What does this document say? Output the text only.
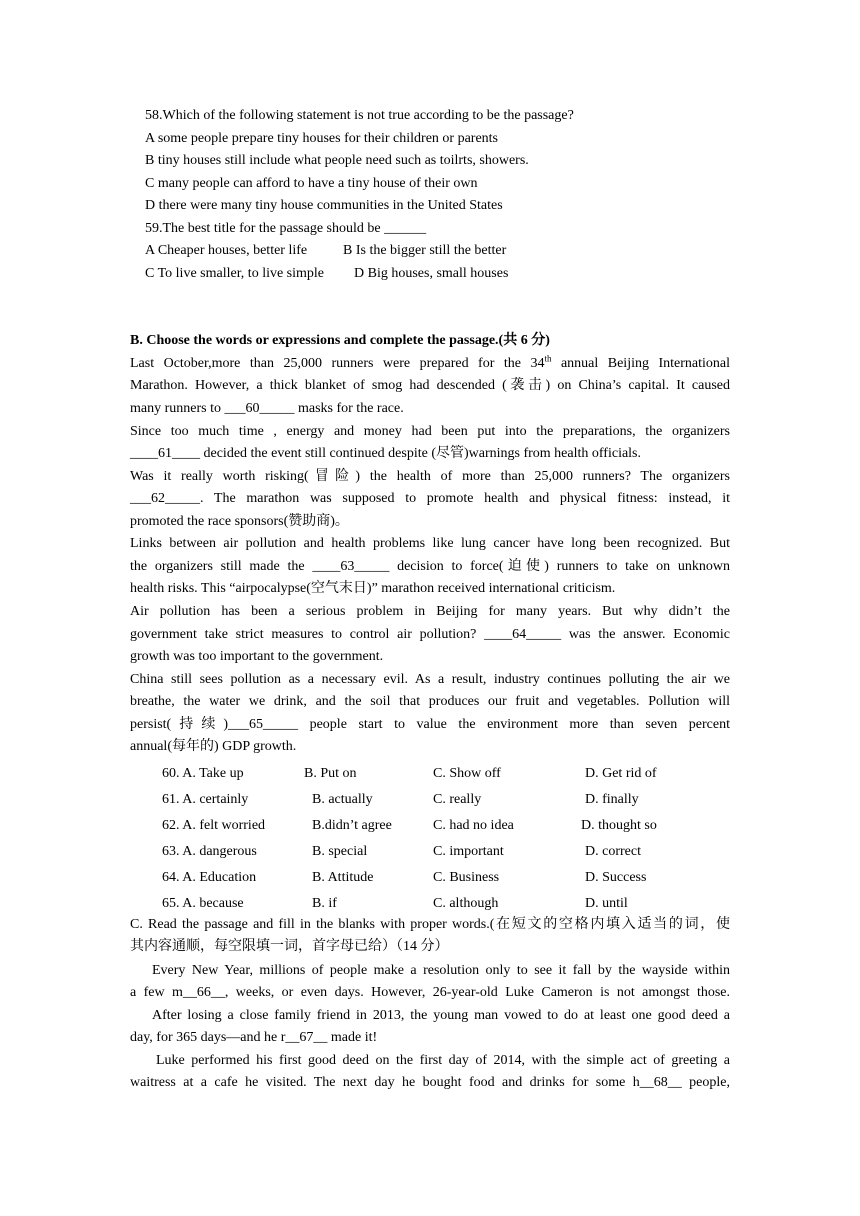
58.Which of the following statement is not true according to be the passage?
A some people prepare tiny houses for their children or parents
B tiny houses still include what people need such as toilrts, showers.
C many people can afford to have a tiny house of their own
D there were many tiny house communities in the United States
59.The best title for the passage should be ______
A Cheaper houses, better life	B Is the bigger still the better
C To live smaller, to live simple D Big houses, small houses
B. Choose the words or expressions and complete the passage.(共 6 分)
Last October,more than 25,000 runners were prepared for the 34th annual Beijing International
Marathon. However, a thick blanket of smog had descended (袭击) on China’s capital. It caused
many runners to ___60_____ masks for the race.
Since too much time , energy and money had been put into the preparations, the organizers
____61____ decided the event still continued despite (尽管)warnings from health officials.
Was it really worth risking(冒险) the health of more than 25,000 runners? The organizers
___62_____. The marathon was supposed to promote health and physical fitness: instead, it
promoted the race sponsors(赞助商)。
Links between air pollution and health problems like lung cancer have long been recognized. But
the organizers still made the ____63_____ decision to force(迫使) runners to take on unknown
health risks. This “airpocalypse(空气末日)” marathon received international criticism.
Air pollution has been a serious problem in Beijing for many years. But why didn’t the
government take strict measures to control air pollution? ____64_____ was the answer. Economic
growth was too important to the government.
China still sees pollution as a necessary evil. As a result, industry continues polluting the air we
breathe, the water we drink, and the soil that produces our fruit and vegetables. Pollution will
persist(持续)___65_____ people start to value the environment more than seven percent
annual(每年的) GDP growth.
60. A. Take up	B. Put on	C. Show off	D. Get rid of
61. A. certainly	B. actually	C. really	D. finally
62. A. felt worried	B.didn’t agree	C. had no idea	D. thought so
63. A. dangerous	B. special	C. important	D. correct
64. A. Education	B. Attitude	C. Business	D. Success
65. A. because	B. if	C. although	D. until
C. Read the passage and fill in the blanks with proper words.(在短文的空格内填入适当的词，使
其内容通顺，每空限填一词，首字母已给）（14 分）
Every New Year, millions of people make a resolution only to see it fall by the wayside within
a few m__66__, weeks, or even days. However, 26-year-old Luke Cameron is not amongst those.
After losing a close family friend in 2013, the young man vowed to do at least one good deed a
day, for 365 days—and he r__67__ made it!
Luke performed his first good deed on the first day of 2014, with the simple act of greeting a
waitress at a cafe he visited. The next day he bought food and drinks for some h__68__ people,
